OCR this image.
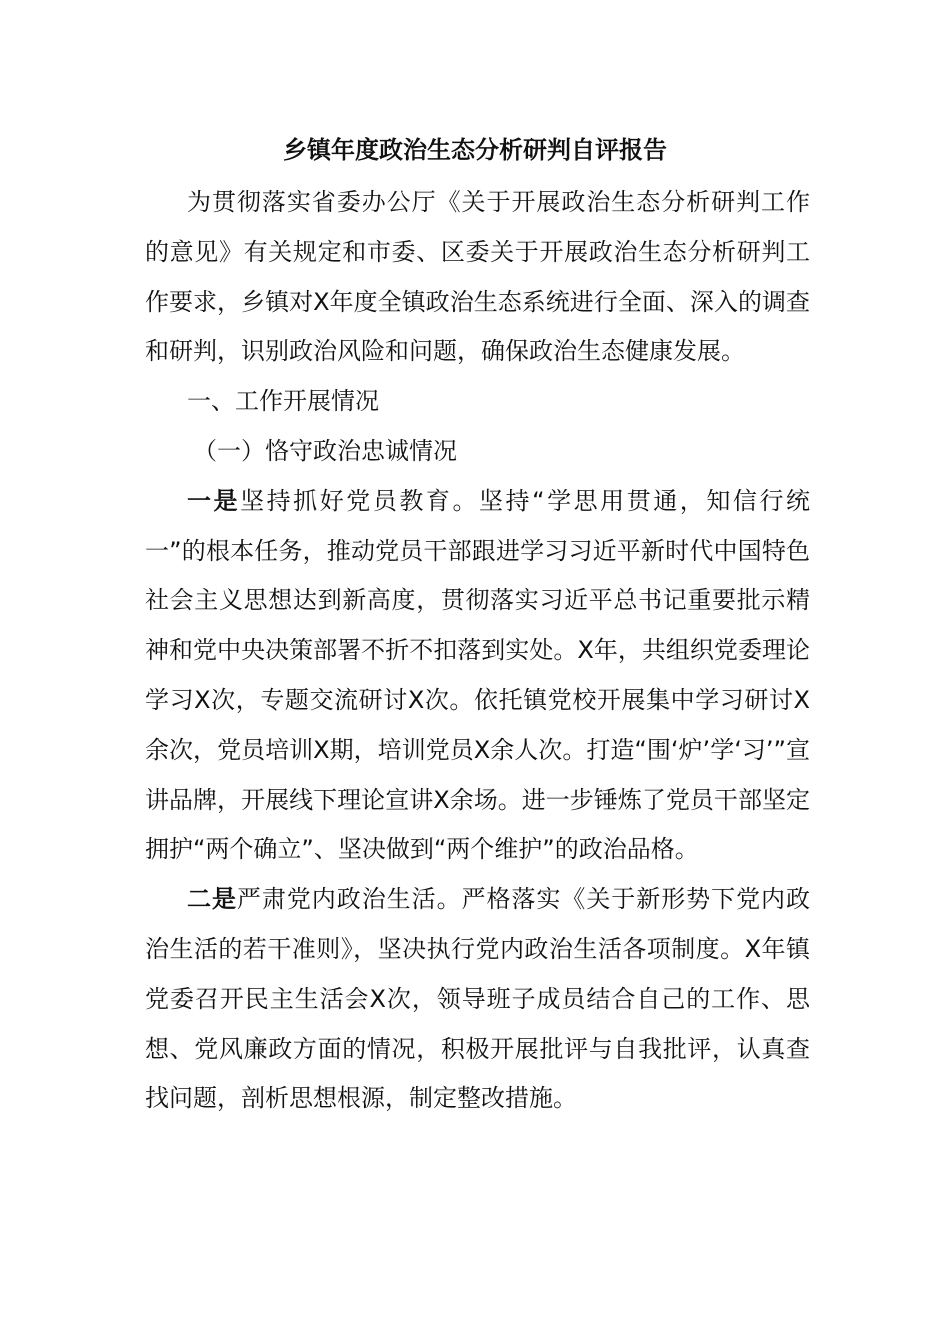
乡镇年度政治生态分析研判自评报告

为贯彻落实省委办公厅《关于开展政治生态分析研判工作的意见》有关规定和市委、区委关于开展政治生态分析研判工作要求，乡镇对X年度全镇政治生态系统进行全面、深入的调查和研判，识别政治风险和问题，确保政治生态健康发展。

一、工作开展情况

（一）恪守政治忠诚情况

一是坚持抓好党员教育。坚持“学思用贯通，知信行统一”的根本任务，推动党员干部跟进学习习近平新时代中国特色社会主义思想达到新高度，贯彻落实习近平总书记重要批示精神和党中央决策部署不折不扣落到实处。X年，共组织党委理论学习X次，专题交流研讨X次。依托镇党校开展集中学习研讨X余次，党员培训X期，培训党员X余人次。打造“围‘炉’学‘习’”宣讲品牌，开展线下理论宣讲X余场。进一步锤炼了党员干部坚定拥护“两个确立”、坚决做到“两个维护”的政治品格。

二是严肃党内政治生活。严格落实《关于新形势下党内政治生活的若干准则》，坚决执行党内政治生活各项制度。X年镇党委召开民主生活会X次，领导班子成员结合自己的工作、思想、党风廉政方面的情况，积极开展批评与自我批评，认真查找问题，剖析思想根源，制定整改措施。
